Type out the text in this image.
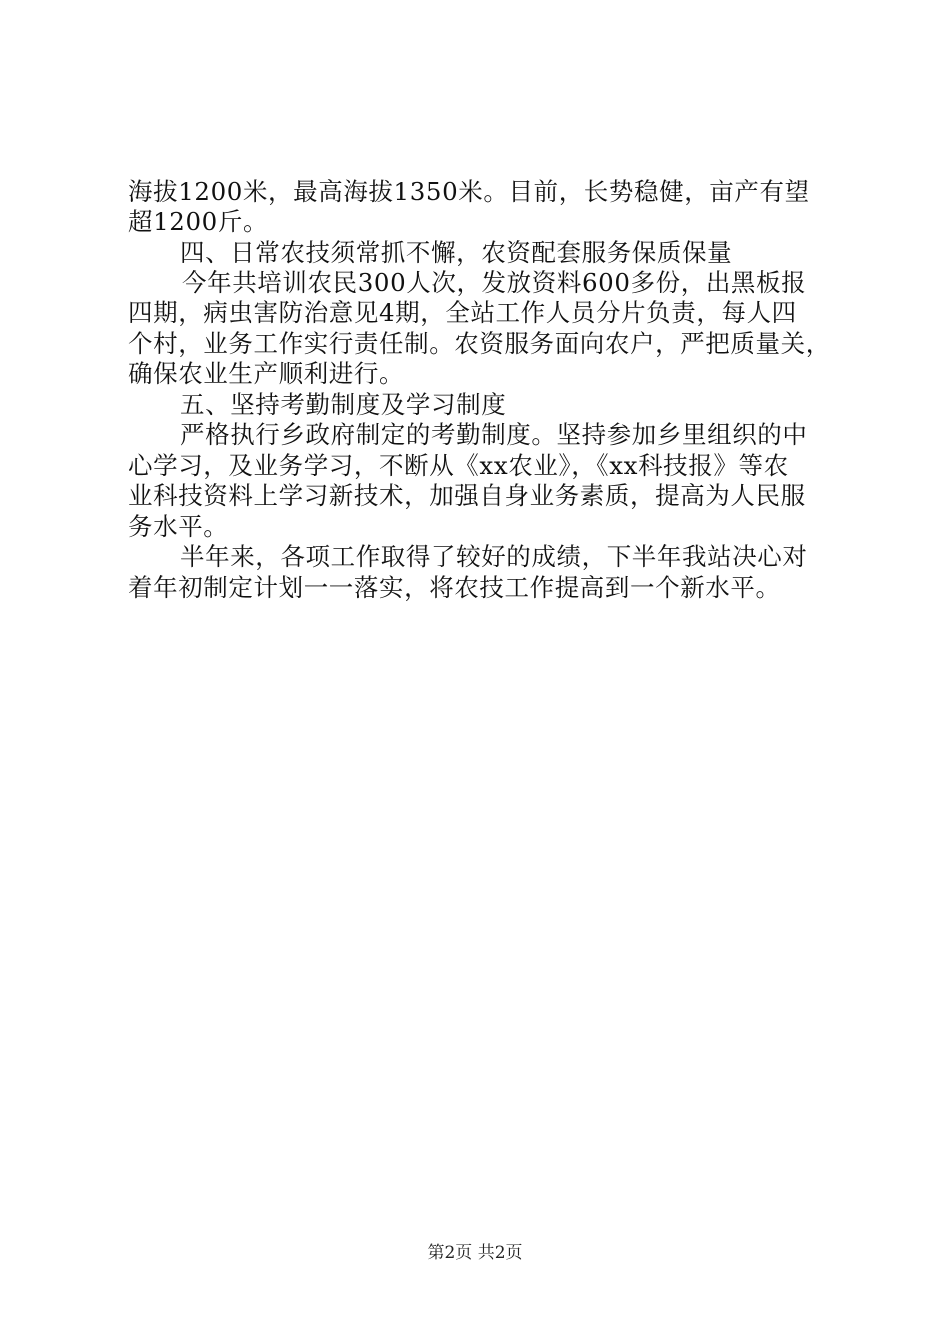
海拔1200米，最高海拔1350米。目前，长势稳健，亩产有望
超1200斤。
四、日常农技须常抓不懈，农资配套服务保质保量
今年共培训农民300人次，发放资料600多份，出黑板报
四期，病虫害防治意见4期，全站工作人员分片负责，每人四
个村，业务工作实行责任制。农资服务面向农户，严把质量关，
确保农业生产顺利进行。
五、坚持考勤制度及学习制度
严格执行乡政府制定的考勤制度。坚持参加乡里组织的中
心学习，及业务学习，不断从《xx农业》，《xx科技报》等农
业科技资料上学习新技术，加强自身业务素质，提高为人民服
务水平。
半年来，各项工作取得了较好的成绩，下半年我站决心对
着年初制定计划一一落实，将农技工作提高到一个新水平。
第2页 共2页
